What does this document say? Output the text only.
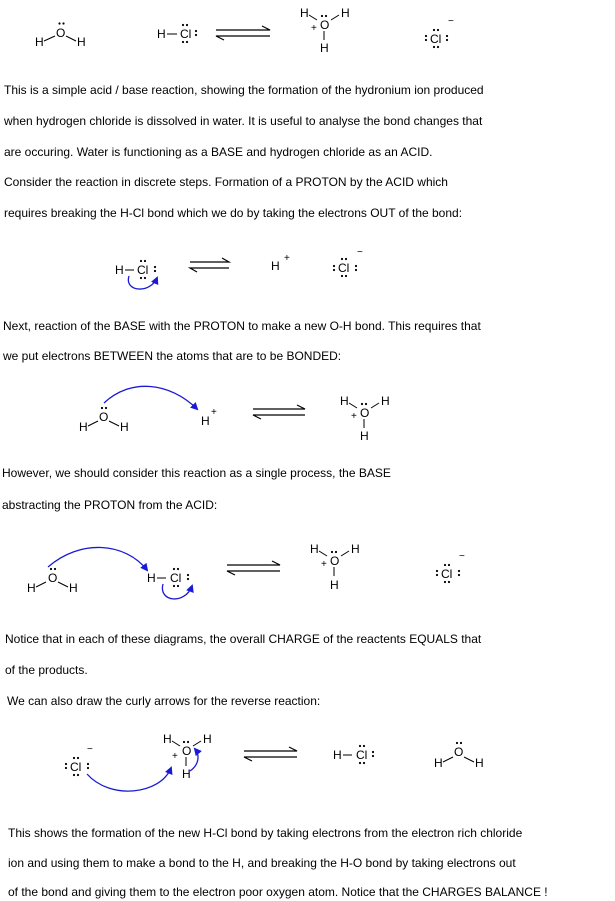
This is a simple acid / base reaction, showing the formation of the hydronium ion produced
when hydrogen chloride is dissolved in water. It is useful to analyse the bond changes that
are occuring. Water is functioning as a BASE and hydrogen chloride as an ACID.
Consider the reaction in discrete steps. Formation of a PROTON by the ACID which
requires breaking the H-Cl bond which we do by taking the electrons OUT of the bond:
Next, reaction of the BASE with the PROTON to make a new O-H bond. This requires that
we put electrons BETWEEN the atoms that are to be BONDED:
However, we should consider this reaction as a single process, the BASE
abstracting the PROTON from the ACID:
Notice that in each of these diagrams, the overall CHARGE of the reactents EQUALS that
of the products.
We can also draw the curly arrows for the reverse reaction:
This shows the formation of the new H-Cl bond by taking electrons from the electron rich chloride
ion and using them to make a bond to the H, and breaking the H-O bond by taking electrons out
of the bond and giving them to the electron poor oxygen atom. Notice that the CHARGES BALANCE !
H
O
H
H Cl
H
O
H
H
+
Cl
−
H Cl	H
+
Cl
−
H
O
H	H
+
H
O
H
H
+
H
O
H
H Cl
H
O
H
H
+
Cl
−
Cl
−
H
O
H
H
+	H Cl
H
O
H
